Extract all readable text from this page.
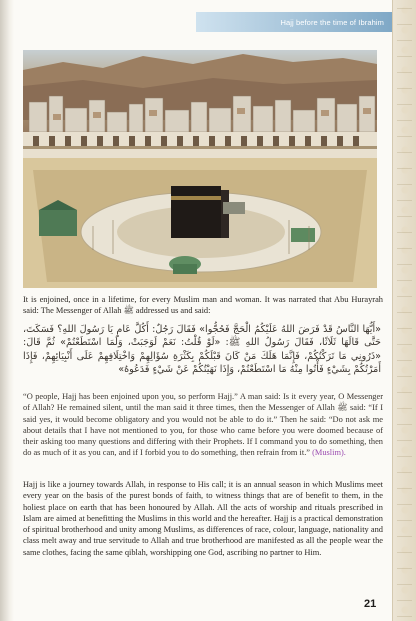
Hajj before the time of Ibrahim

It is enjoined, once in a lifetime, for every Muslim man and woman. It was narrated that Abu Hurayrah said: The Messenger of Allah ﷺ addressed us and said:

«أَيُّهَا النَّاسُ قَدْ فَرَضَ اللهُ عَلَيْكُمُ الْحَجَّ فَحُجُّوا» فَقَالَ رَجُلٌ: أَكُلَّ عَامٍ يَا رَسُولَ اللهِ؟ فَسَكَتَ، حَتَّى قَالَهَا ثَلَاثًا، فَقَالَ رَسُولُ اللهِ ﷺ: «لَوْ قُلْتُ: نَعَمْ لَوَجَبَتْ، وَلَمَا اسْتَطَعْتُمْ» ثُمَّ قَالَ: «ذَرُونِي مَا تَرَكْتُكُمْ، فَإِنَّمَا هَلَكَ مَنْ كَانَ قَبْلَكُمْ بِكَثْرَةِ سُؤَالِهِمْ وَاخْتِلَافِهِمْ عَلَى أَنْبِيَائِهِمْ، فَإِذَا أَمَرْتُكُمْ بِشَيْءٍ فَأْتُوا مِنْهُ مَا اسْتَطَعْتُمْ، وَإِذَا نَهَيْتُكُمْ عَنْ شَيْءٍ فَدَعُوهُ»

“O people, Hajj has been enjoined upon you, so perform Hajj.” A man said: Is it every year, O Messenger of Allah? He remained silent, until the man said it three times, then the Messenger of Allah ﷺ said: “If I said yes, it would become obligatory and you would not be able to do it.” Then he said: “Do not ask me about details that I have not mentioned to you, for those who came before you were doomed because of their asking too many questions and differing with their Prophets. If I command you to do something, then do as much of it as you can, and if I forbid you to do something, then refrain from it.” (Muslim).

Hajj is like a journey towards Allah, in response to His call; it is an annual season in which Muslims meet every year on the basis of the purest bonds of faith, to witness things that are of benefit to them, in the holiest place on earth that has been honoured by Allah. All the acts of worship and rituals prescribed in Islam are aimed at benefitting the Muslims in this world and the hereafter. Hajj is a practical demonstration of spiritual brotherhood and unity among Muslims, as differences of race, colour, language, nationality and class melt away and true servitude to Allah and true brotherhood are manifested as all the people wear the same clothes, facing the same qiblah, worshipping one God, ascribing no partner to Him.

21
